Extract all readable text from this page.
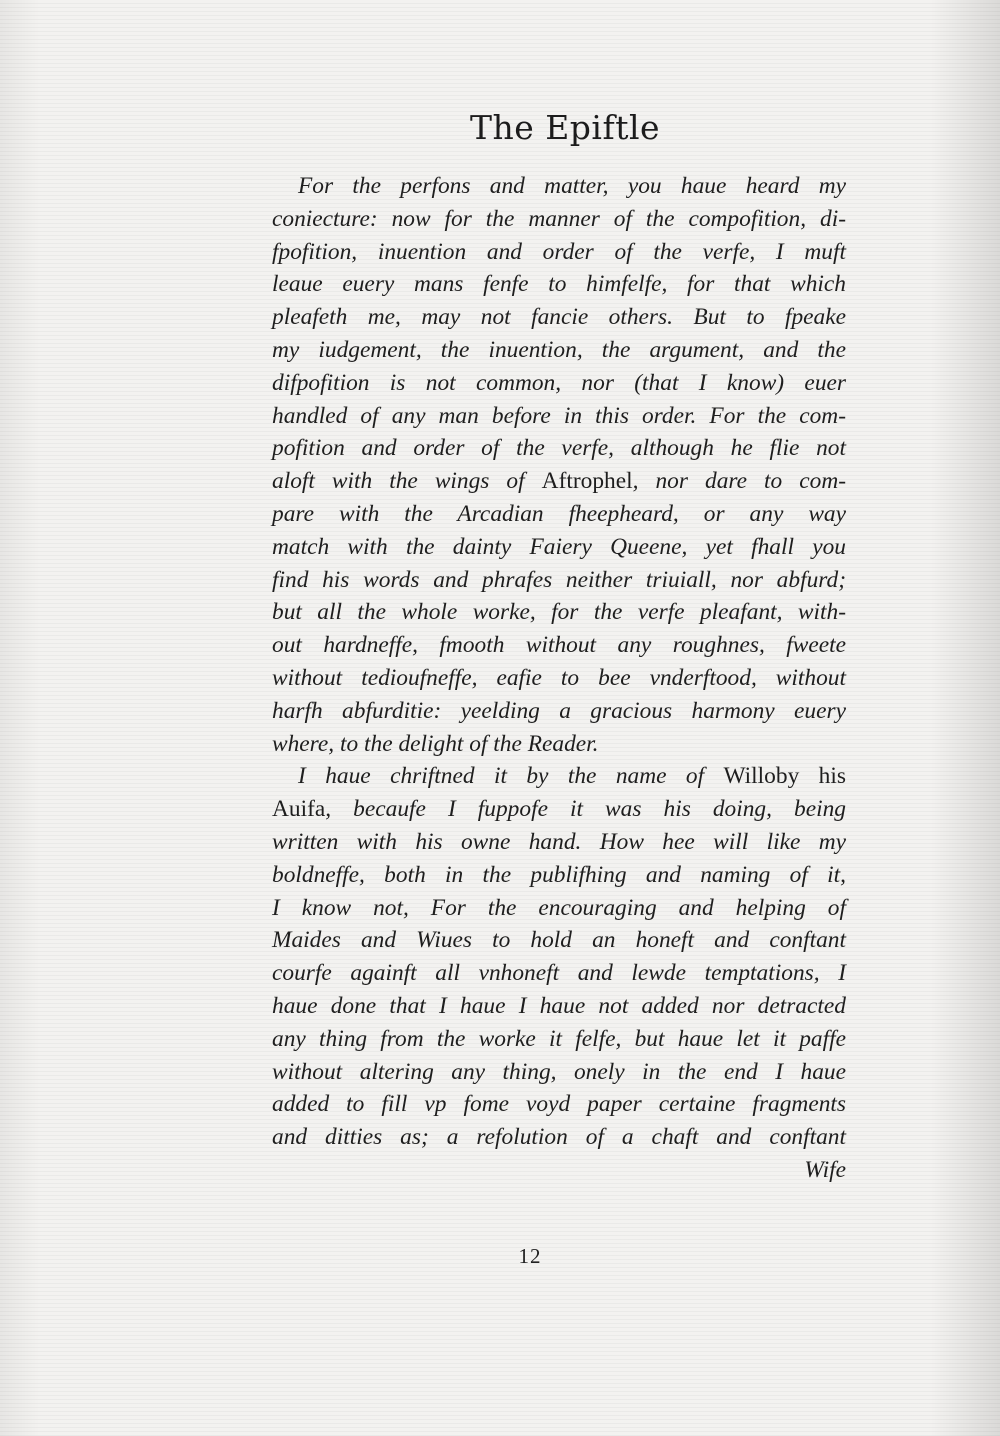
The Epiftle
For the perfons and matter, you haue heard my
coniecture: now for the manner of the compofition, di-
fpofition, inuention and order of the verfe, I muft
leaue euery mans fenfe to himfelfe, for that which
pleafeth me, may not fancie others. But to fpeake
my iudgement, the inuention, the argument, and the
difpofition is not common, nor (that I know) euer
handled of any man before in this order. For the com-
pofition and order of the verfe, although he flie not
aloft with the wings of Aftrophel, nor dare to com-
pare with the Arcadian fheepheard, or any way
match with the dainty Faiery Queene, yet fhall you
find his words and phrafes neither triuiall, nor abfurd;
but all the whole worke, for the verfe pleafant, with-
out hardneffe, fmooth without any roughnes, fweete
without tedioufneffe, eafie to bee vnderftood, without
harfh abfurditie: yeelding a gracious harmony euery
where, to the delight of the Reader.
I haue chriftned it by the name of Willoby his
Auifa, becaufe I fuppofe it was his doing, being
written with his owne hand. How hee will like my
boldneffe, both in the publifhing and naming of it,
I know not, For the encouraging and helping of
Maides and Wiues to hold an honeft and conftant
courfe againft all vnhoneft and lewde temptations, I
haue done that I haue I haue not added nor detracted
any thing from the worke it felfe, but haue let it paffe
without altering any thing, onely in the end I haue
added to fill vp fome voyd paper certaine fragments
and ditties as; a refolution of a chaft and conftant
Wife
12
